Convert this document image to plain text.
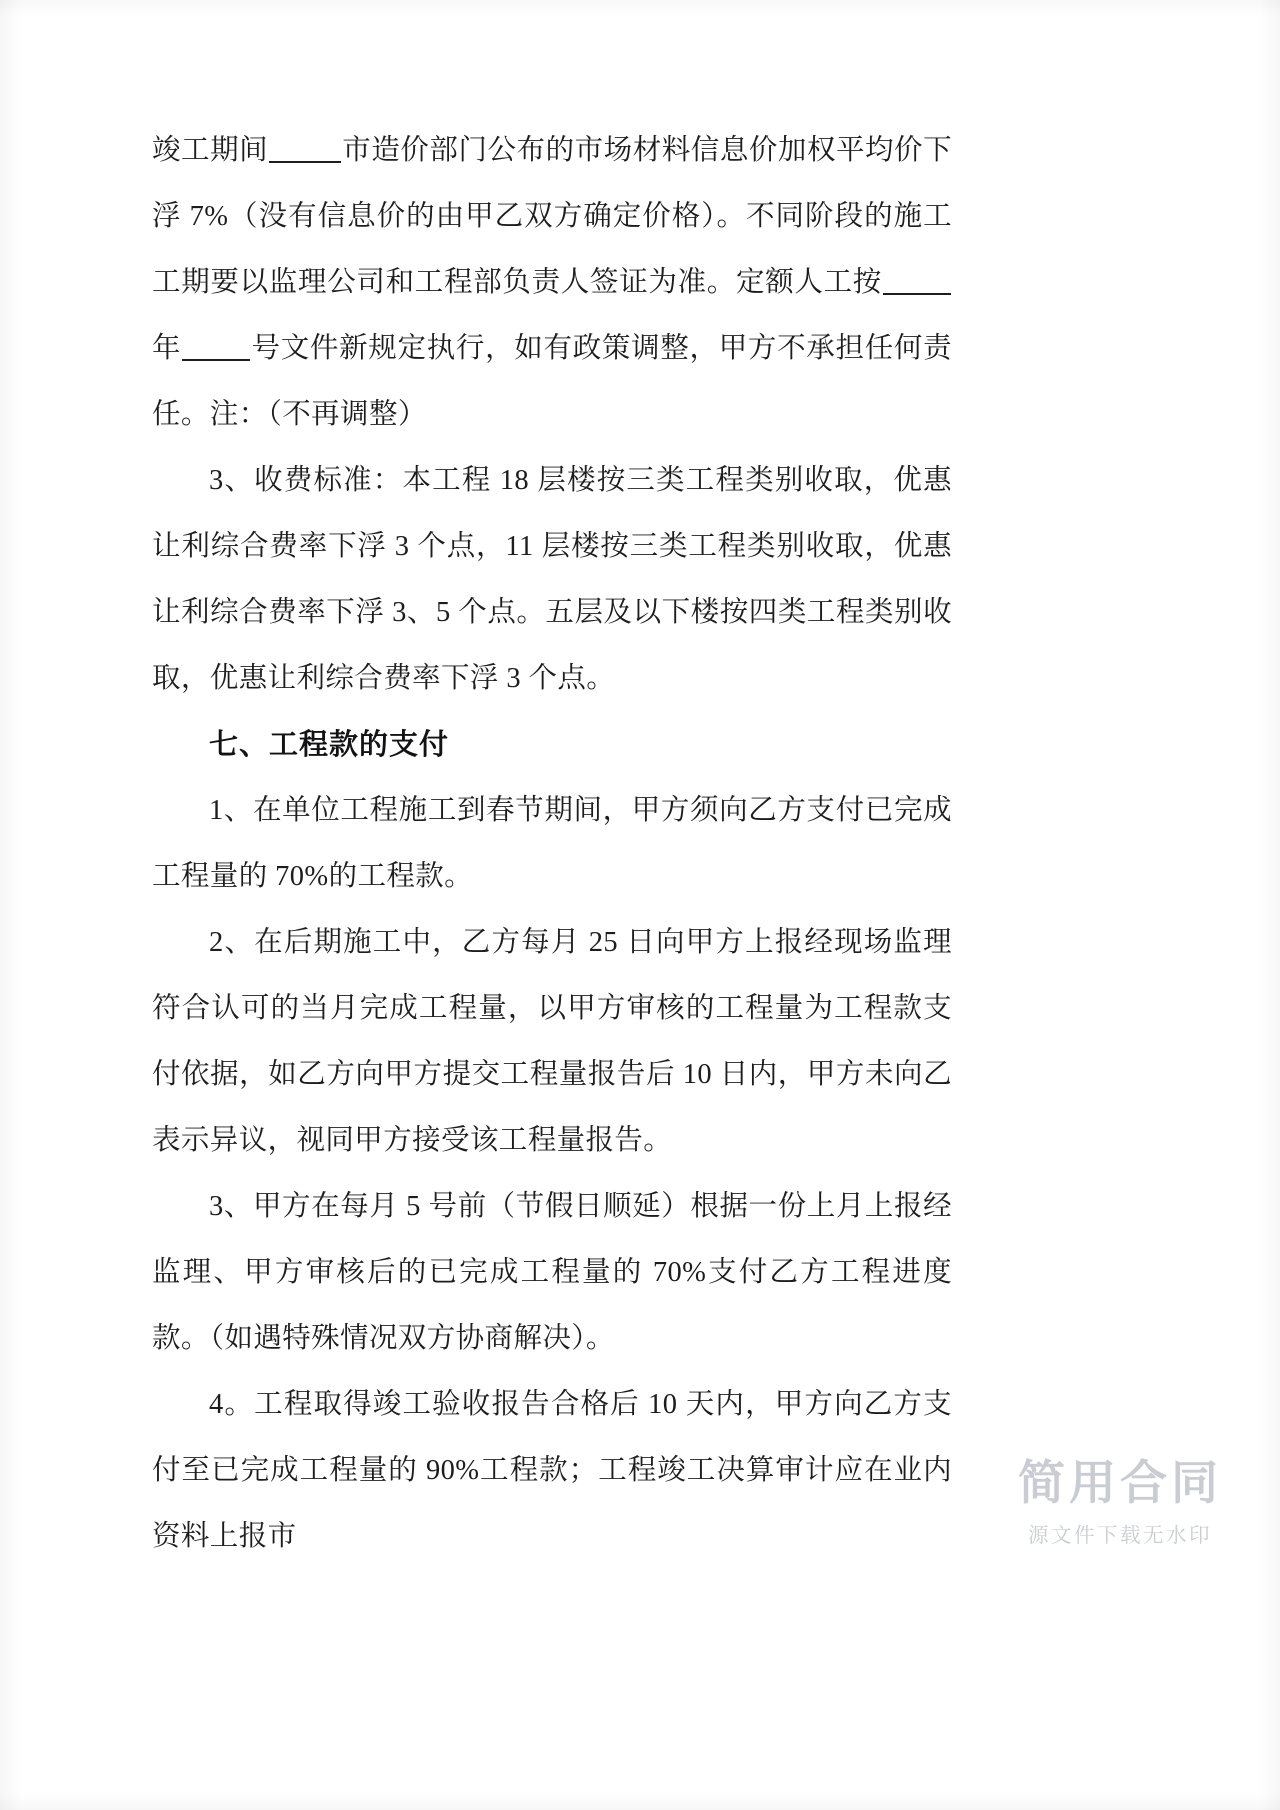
竣工期间	市造价部门公布的市场材料信息价加权平均价下浮 7%（没有信息价的由甲乙双方确定价格）。不同阶段的施工工期要以监理公司和工程部负责人签证为准。定额人工按年 号文件新规定执行，如有政策调整，甲方不承担任何责任。注：（不再调整）

3、收费标准：本工程 18 层楼按三类工程类别收取，优惠让利综合费率下浮 3 个点，11 层楼按三类工程类别收取，优惠让利综合费率下浮 3、5 个点。五层及以下楼按四类工程类别收取，优惠让利综合费率下浮 3 个点。

七、工程款的支付

1、在单位工程施工到春节期间，甲方须向乙方支付已完成工程量的 70%的工程款。

2、在后期施工中，乙方每月 25 日向甲方上报经现场监理符合认可的当月完成工程量，以甲方审核的工程量为工程款支付依据，如乙方向甲方提交工程量报告后 10 日内，甲方未向乙表示异议，视同甲方接受该工程量报告。

3、甲方在每月 5 号前（节假日顺延）根据一份上月上报经监理、甲方审核后的已完成工程量的 70%支付乙方工程进度款。（如遇特殊情况双方协商解决）。

4。工程取得竣工验收报告合格后 10 天内，甲方向乙方支付至已完成工程量的 90%工程款；工程竣工决算审计应在业内资料上报市

简用合同
源文件下载无水印
